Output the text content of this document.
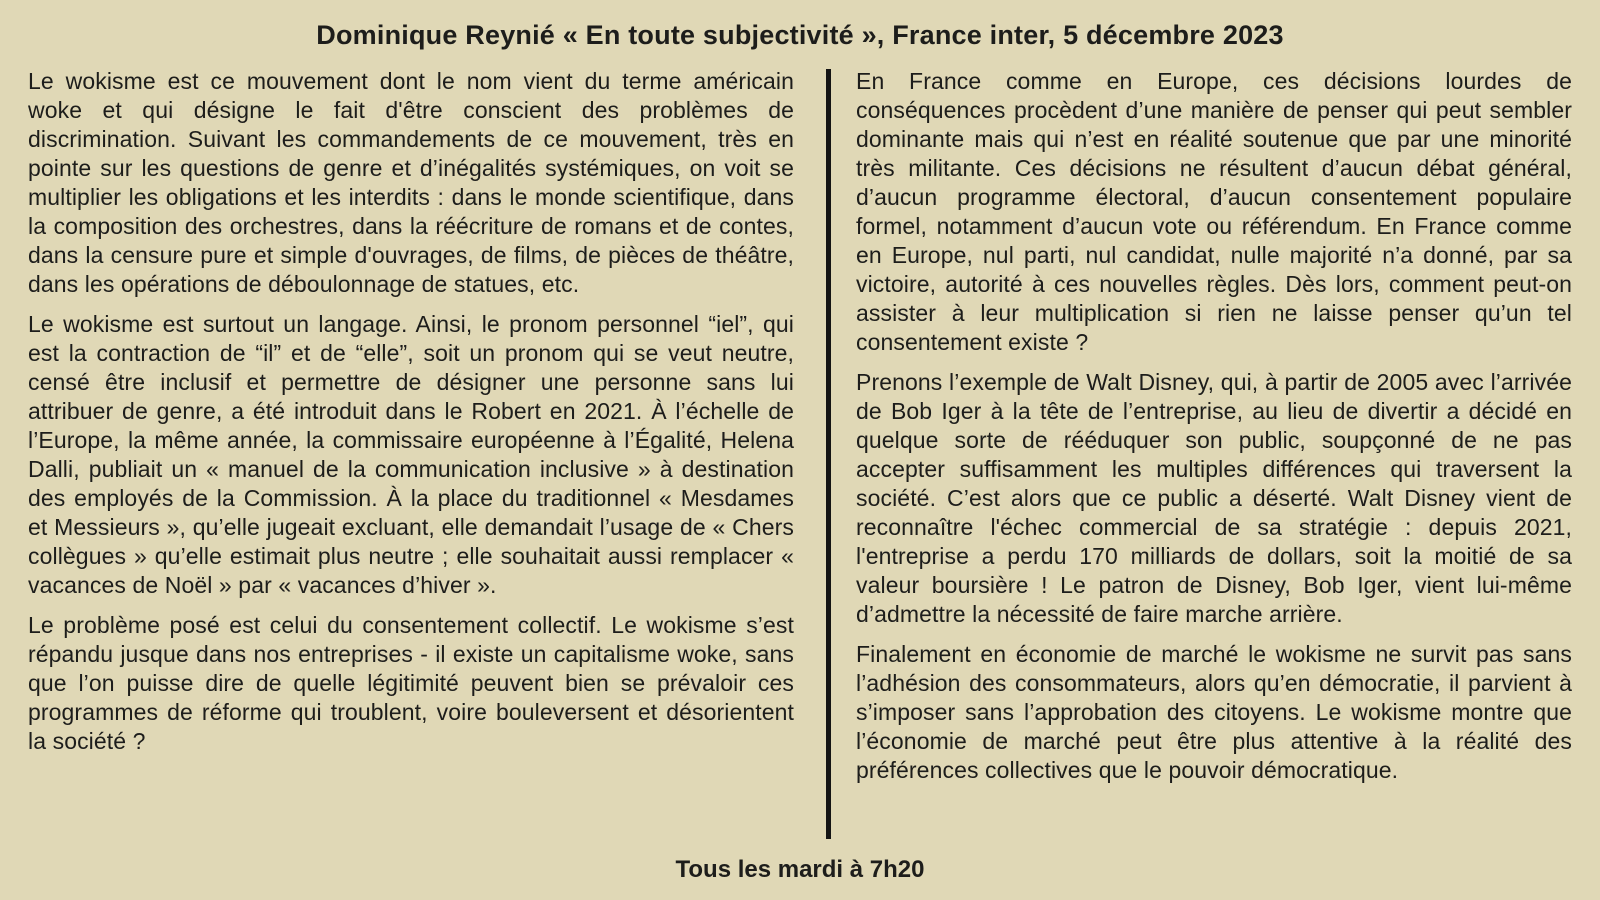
Dominique Reynié « En toute subjectivité », France inter, 5 décembre 2023

Le wokisme est ce mouvement dont le nom vient du terme américain woke et qui désigne le fait d'être conscient des problèmes de discrimination. Suivant les commandements de ce mouvement, très en pointe sur les questions de genre et d’inégalités systémiques, on voit se multiplier les obligations et les interdits : dans le monde scientifique, dans la composition des orchestres, dans la réécriture de romans et de contes, dans la censure pure et simple d'ouvrages, de films, de pièces de théâtre, dans les opérations de déboulonnage de statues, etc.

Le wokisme est surtout un langage. Ainsi, le pronom personnel “iel”, qui est la contraction de “il” et de “elle”, soit un pronom qui se veut neutre, censé être inclusif et permettre de désigner une personne sans lui attribuer de genre, a été introduit dans le Robert en 2021. À l’échelle de l’Europe, la même année, la commissaire européenne à l’Égalité, Helena Dalli, publiait un « manuel de la communication inclusive » à destination des employés de la Commission. À la place du traditionnel « Mesdames et Messieurs », qu’elle jugeait excluant, elle demandait l’usage de « Chers collègues » qu’elle estimait plus neutre ; elle souhaitait aussi remplacer « vacances de Noël » par « vacances d’hiver ».

Le problème posé est celui du consentement collectif. Le wokisme s’est répandu jusque dans nos entreprises - il existe un capitalisme woke, sans que l’on puisse dire de quelle légitimité peuvent bien se prévaloir ces programmes de réforme qui troublent, voire bouleversent et désorientent la société ?

En France comme en Europe, ces décisions lourdes de conséquences procèdent d’une manière de penser qui peut sembler dominante mais qui n’est en réalité soutenue que par une minorité très militante. Ces décisions ne résultent d’aucun débat général, d’aucun programme électoral, d’aucun consentement populaire formel, notamment d’aucun vote ou référendum. En France comme en Europe, nul parti, nul candidat, nulle majorité n’a donné, par sa victoire, autorité à ces nouvelles règles. Dès lors, comment peut-on assister à leur multiplication si rien ne laisse penser qu’un tel consentement existe ?

Prenons l’exemple de Walt Disney, qui, à partir de 2005 avec l’arrivée de Bob Iger à la tête de l’entreprise, au lieu de divertir a décidé en quelque sorte de rééduquer son public, soupçonné de ne pas accepter suffisamment les multiples différences qui traversent la société. C’est alors que ce public a déserté. Walt Disney vient de reconnaître l'échec commercial de sa stratégie : depuis 2021, l'entreprise a perdu 170 milliards de dollars, soit la moitié de sa valeur boursière ! Le patron de Disney, Bob Iger, vient lui-même d’admettre la nécessité de faire marche arrière.

Finalement en économie de marché le wokisme ne survit pas sans l’adhésion des consommateurs, alors qu’en démocratie, il parvient à s’imposer sans l’approbation des citoyens. Le wokisme montre que l’économie de marché peut être plus attentive à la réalité des préférences collectives que le pouvoir démocratique.

Tous les mardi à 7h20
